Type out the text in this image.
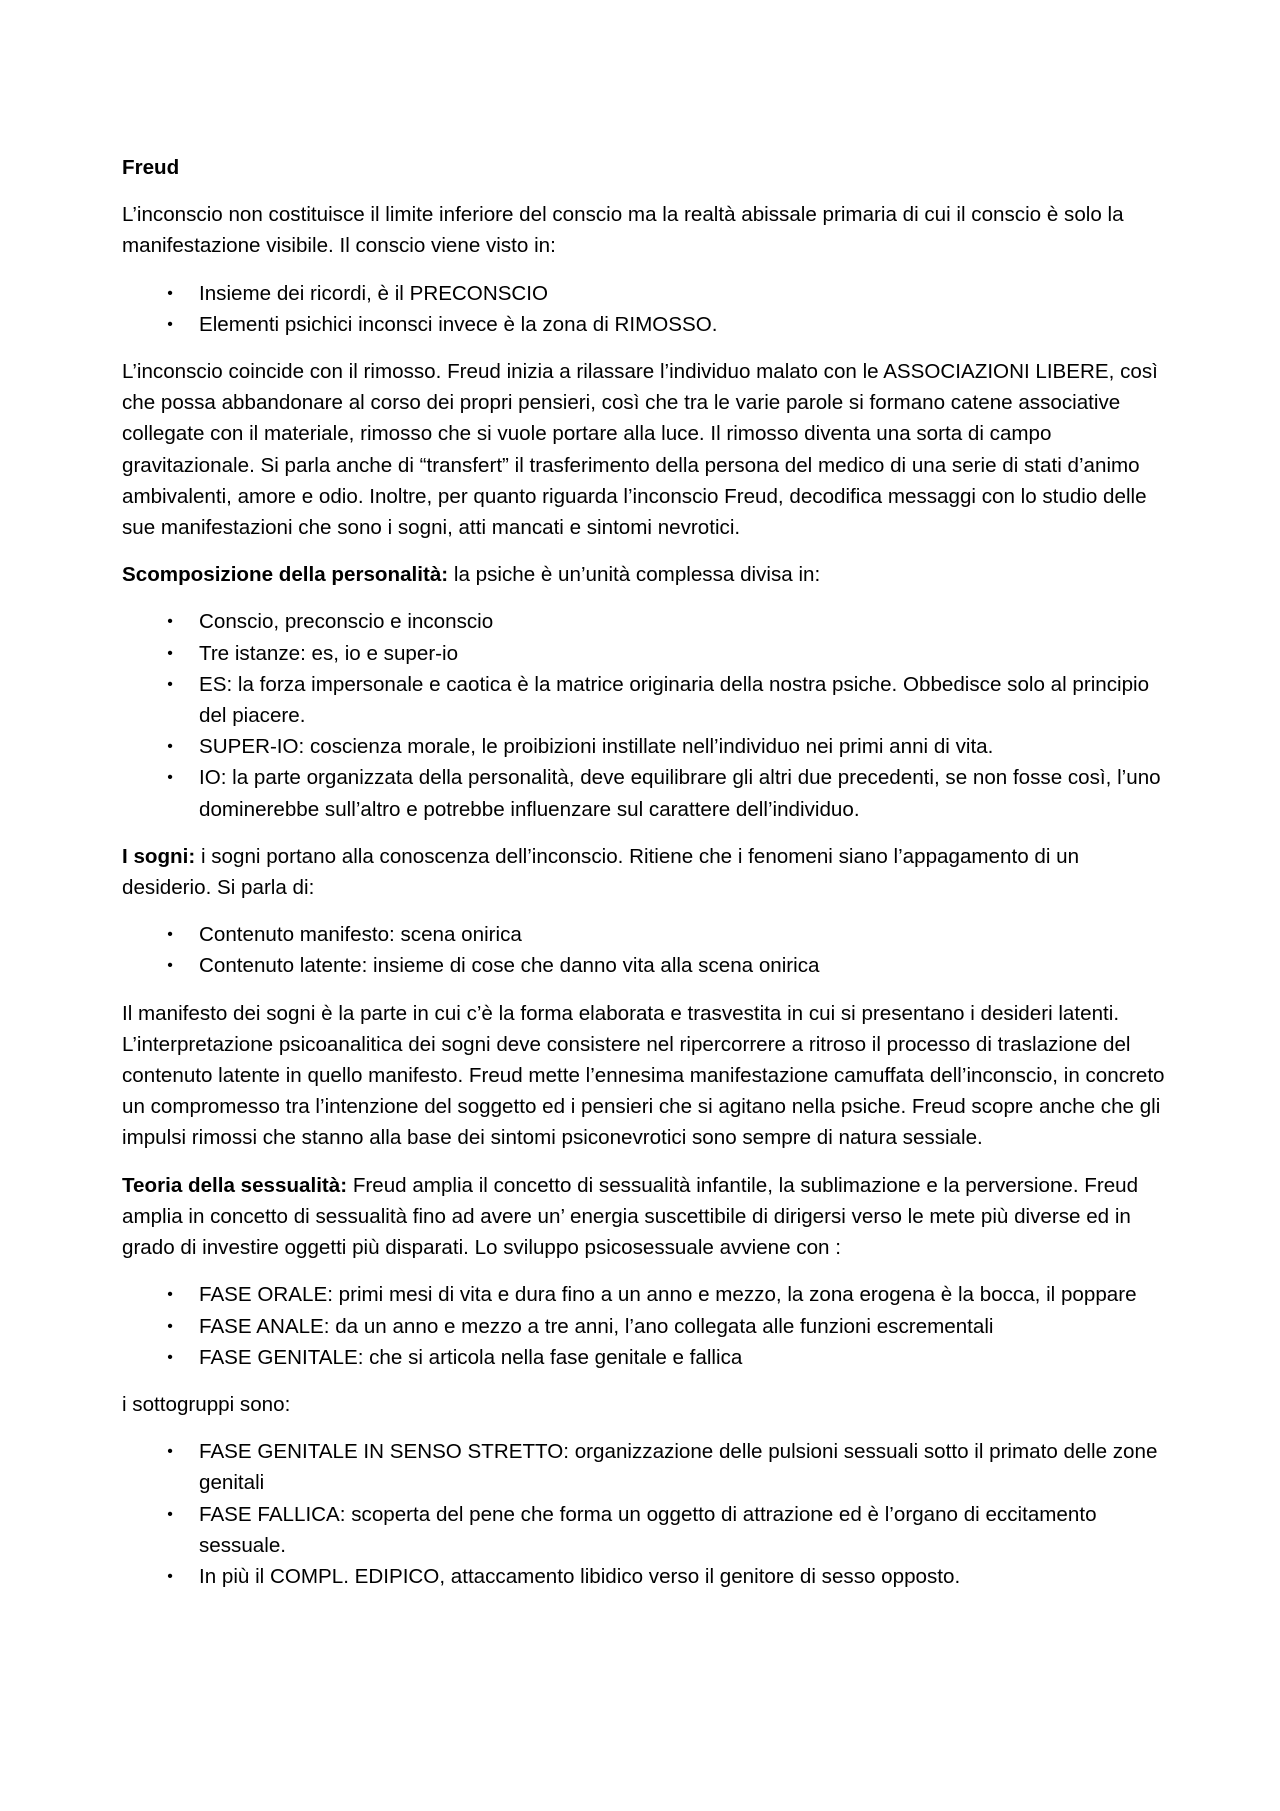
Freud

L’inconscio non costituisce il limite inferiore del conscio ma la realtà abissale primaria di cui il conscio è solo la manifestazione visibile. Il conscio viene visto in:

•	Insieme dei ricordi, è il PRECONSCIO
•	Elementi psichici inconsci invece è la zona di RIMOSSO.

L’inconscio coincide con il rimosso. Freud inizia a rilassare l’individuo malato con le ASSOCIAZIONI LIBERE, così che possa abbandonare al corso dei propri pensieri, così che tra le varie parole si formano catene associative collegate con il materiale, rimosso che si vuole portare alla luce. Il rimosso diventa una sorta di campo gravitazionale. Si parla anche di “transfert” il trasferimento della persona del medico di una serie di stati d’animo ambivalenti, amore e odio. Inoltre, per quanto riguarda l’inconscio Freud, decodifica messaggi con lo studio delle sue manifestazioni che sono i sogni, atti mancati e sintomi nevrotici.

Scomposizione della personalità: la psiche è un’unità complessa divisa in:

•	Conscio, preconscio e inconscio
•	Tre istanze: es, io e super-io
•	ES: la forza impersonale e caotica è la matrice originaria della nostra psiche. Obbedisce solo al principio del piacere.
•	SUPER-IO: coscienza morale, le proibizioni instillate nell’individuo nei primi anni di vita.
•	IO: la parte organizzata della personalità, deve equilibrare gli altri due precedenti, se non fosse così, l’uno dominerebbe sull’altro e potrebbe influenzare sul carattere dell’individuo.

I sogni: i sogni portano alla conoscenza dell’inconscio. Ritiene che i fenomeni siano l’appagamento di un desiderio. Si parla di:

•	Contenuto manifesto: scena onirica
•	Contenuto latente: insieme di cose che danno vita alla scena onirica

Il manifesto dei sogni è la parte in cui c’è la forma elaborata e trasvestita in cui si presentano i desideri latenti. L’interpretazione psicoanalitica dei sogni deve consistere nel ripercorrere a ritroso il processo di traslazione del contenuto latente in quello manifesto. Freud mette l’ennesima manifestazione camuffata dell’inconscio, in concreto un compromesso tra l’intenzione del soggetto ed i pensieri che si agitano nella psiche. Freud scopre anche che gli impulsi rimossi che stanno alla base dei sintomi psiconevrotici sono sempre di natura sessiale.

Teoria della sessualità: Freud amplia il concetto di sessualità infantile, la sublimazione e la perversione. Freud amplia in concetto di sessualità fino ad avere un’ energia suscettibile di dirigersi verso le mete più diverse ed in grado di investire oggetti più disparati. Lo sviluppo psicosessuale avviene con :

•	FASE ORALE: primi mesi di vita e dura fino a un anno e mezzo, la zona erogena è la bocca, il poppare
•	FASE ANALE: da un anno e mezzo a tre anni, l’ano collegata alle funzioni escrementali
•	FASE GENITALE: che si articola nella fase genitale e fallica

i sottogruppi sono:

•	FASE GENITALE IN SENSO STRETTO: organizzazione delle pulsioni sessuali sotto il primato delle zone genitali
•	FASE FALLICA: scoperta del pene che forma un oggetto di attrazione ed è l’organo di eccitamento sessuale.
•	In più il COMPL. EDIPICO, attaccamento libidico verso il genitore di sesso opposto.
